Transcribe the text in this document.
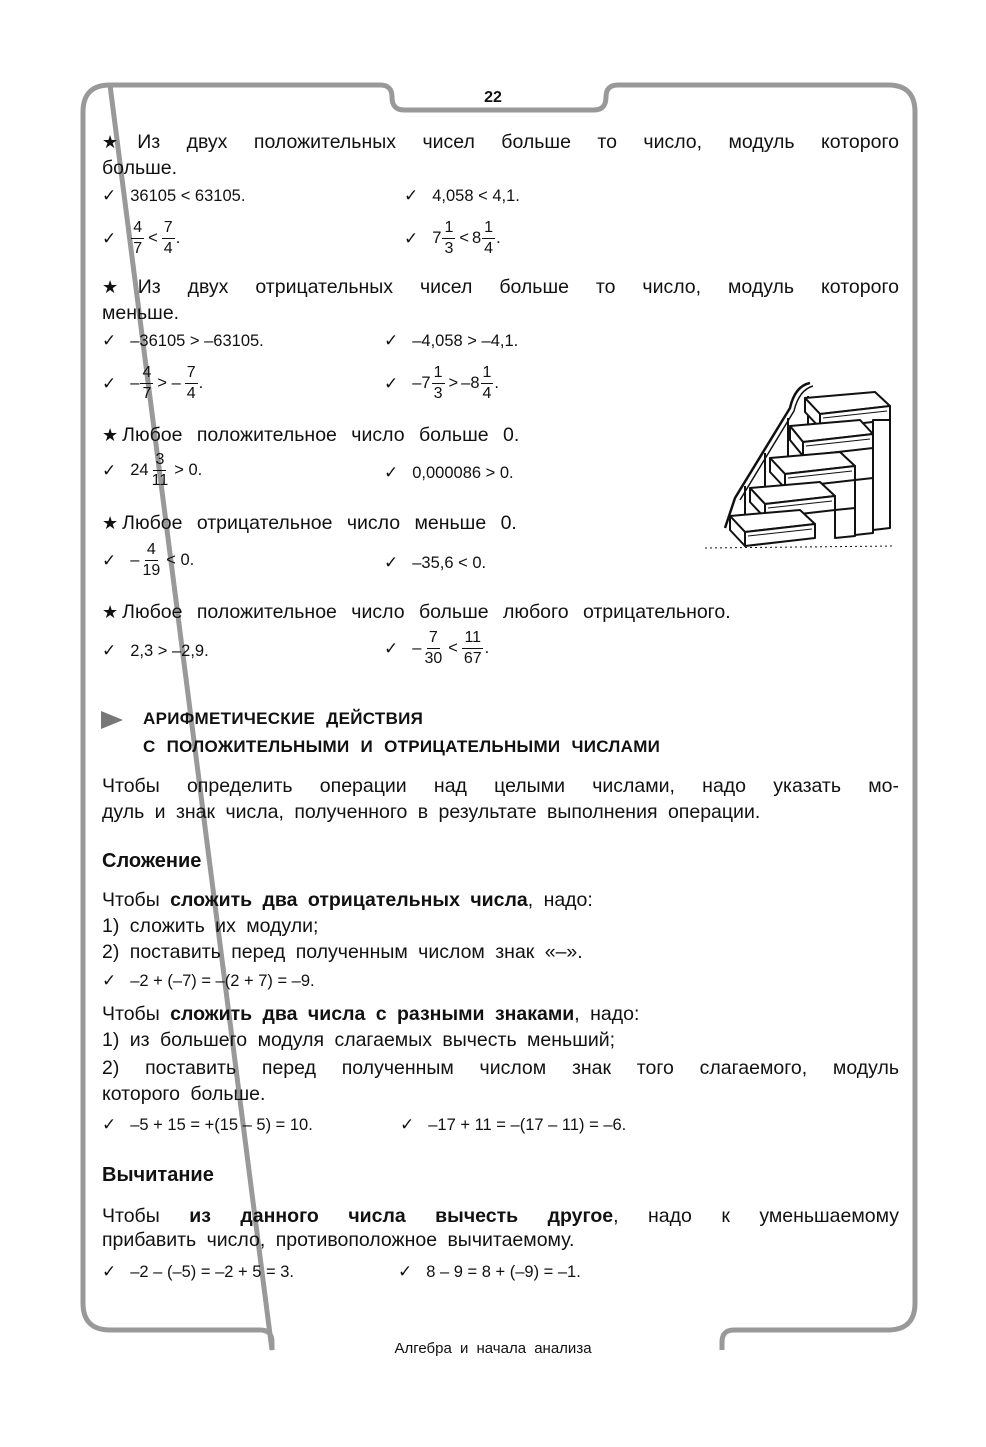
22
★ Из двух положительных чисел больше то число, модуль которого
больше.
✓ 36105 < 63105.	✓ 4,058 < 4,1.
✓ $\frac{4}{7} < \frac{7}{4}$ .	✓ $7 \frac{1}{3} < 8 \frac{1}{4}$ .
★ Из двух отрицательных чисел больше то число, модуль которого
меньше.
✓ –36105 > –63105.	✓ –4,058 > –4,1.
✓ – $\frac{4}{7}$ > – $\frac{7}{4}$ .	✓ $-7 \frac{1}{3} > -8 \frac{1}{4}$ .
★ Любое положительное число больше 0.
✓ $24 \frac{3}{11} > 0$.	✓ 0,000086 > 0.
★ Любое отрицательное число меньше 0.
✓ – $\frac{4}{19} < 0$.	✓ –35,6 < 0.
★ Любое положительное число больше любого отрицательного.
✓ 2,3 > –2,9.	✓ – $\frac{7}{30} < \frac{11}{67}$ .
АРИФМЕТИЧЕСКИЕ ДЕЙСТВИЯ
С ПОЛОЖИТЕЛЬНЫМИ И ОТРИЦАТЕЛЬНЫМИ ЧИСЛАМИ
Чтобы определить операции над целыми числами, надо указать мо-
дуль и знак числа, полученного в результате выполнения операции.
Сложение
Чтобы сложить два отрицательных числа, надо:
1) сложить их модули;
2) поставить перед полученным числом знак «–».
✓ –2 + (–7) = –(2 + 7) = –9.
Чтобы сложить два числа с разными знаками, надо:
1) из большего модуля слагаемых вычесть меньший;
2) поставить перед полученным числом знак того слагаемого, модуль
которого больше.
✓ –5 + 15 = +(15 – 5) = 10.	✓ –17 + 11 = –(17 – 11) = –6.
Вычитание
Чтобы из данного числа вычесть другое, надо к уменьшаемому
прибавить число, противоположное вычитаемому.
✓ –2 – (–5) = –2 + 5 = 3.	✓ 8 – 9 = 8 + (–9) = –1.
Алгебра и начала анализа
